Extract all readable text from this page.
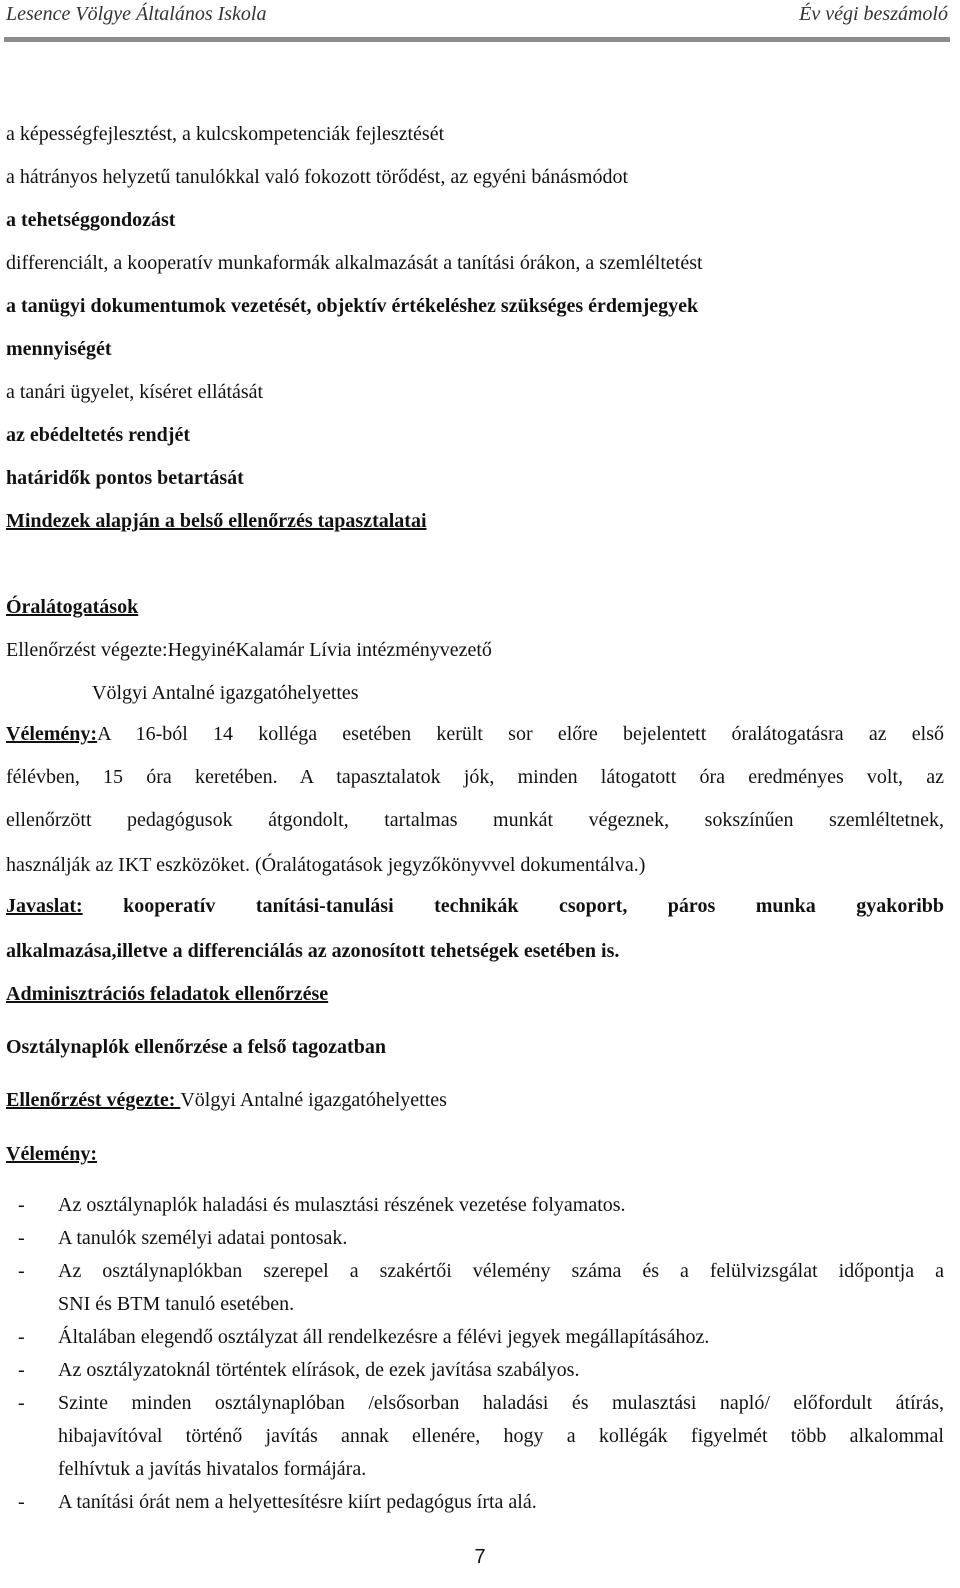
Lesence Völgye Általános Iskola	Év végi beszámoló
a képességfejlesztést, a kulcskompetenciák fejlesztését
a hátrányos helyzetű tanulókkal való fokozott törődést, az egyéni bánásmódot
a tehetséggondozást
differenciált, a kooperatív munkaformák alkalmazását a tanítási órákon, a szemléltetést
a tanügyi dokumentumok vezetését, objektív értékeléshez szükséges érdemjegyek
mennyiségét
a tanári ügyelet, kíséret ellátását
az ebédeltetés rendjét
határidők pontos betartását
Mindezek alapján a belső ellenőrzés tapasztalatai
Óralátogatások
Ellenőrzést végezte:HegyinéKalamár Lívia intézményvezető
Völgyi Antalné igazgatóhelyettes
Vélemény:A 16-ból 14 kolléga esetében került sor előre bejelentett óralátogatásra az első
félévben, 15 óra keretében. A tapasztalatok jók, minden látogatott óra eredményes volt, az
ellenőrzött pedagógusok átgondolt, tartalmas munkát végeznek, sokszínűen szemléltetnek,
használják az IKT eszközöket. (Óralátogatások jegyzőkönyvvel dokumentálva.)
Javaslat: kooperatív tanítási-tanulási technikák csoport, páros munka gyakoribb
alkalmazása,illetve a differenciálás az azonosított tehetségek esetében is.
Adminisztrációs feladatok ellenőrzése
Osztálynaplók ellenőrzése a felső tagozatban
Ellenőrzést végezte: Völgyi Antalné igazgatóhelyettes
Vélemény:
- Az osztálynaplók haladási és mulasztási részének vezetése folyamatos.
- A tanulók személyi adatai pontosak.
- Az osztálynaplókban szerepel a szakértői vélemény száma és a felülvizsgálat időpontja a
SNI és BTM tanuló esetében.
- Általában elegendő osztályzat áll rendelkezésre a félévi jegyek megállapításához.
- Az osztályzatoknál történtek elírások, de ezek javítása szabályos.
- Szinte minden osztálynaplóban /elsősorban haladási és mulasztási napló/ előfordult átírás,
hibajavítóval történő javítás annak ellenére, hogy a kollégák figyelmét több alkalommal
felhívtuk a javítás hivatalos formájára.
- A tanítási órát nem a helyettesítésre kiírt pedagógus írta alá.
7
